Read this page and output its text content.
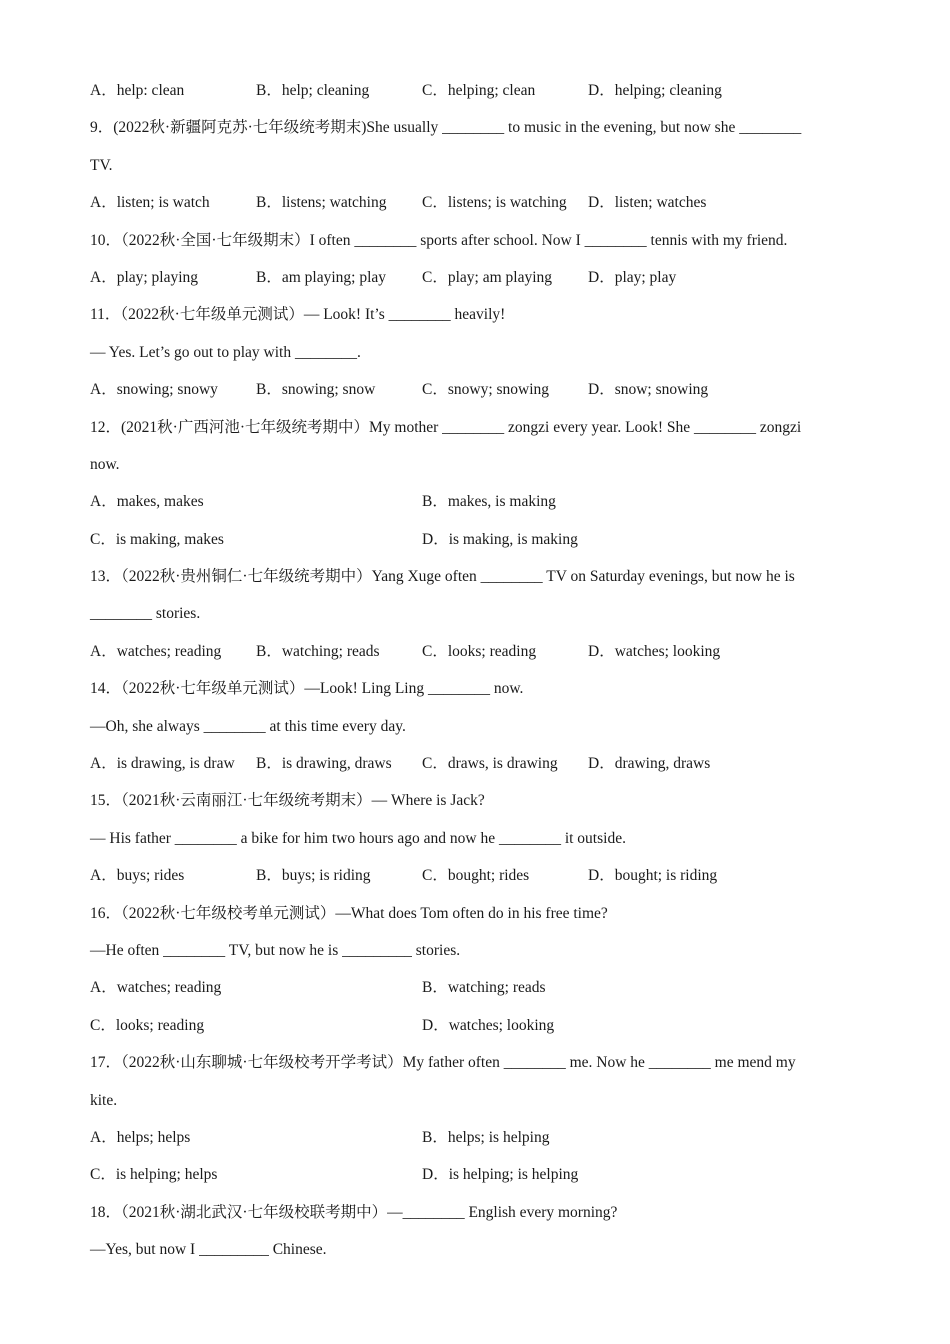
A．help: clean	B．help; cleaning	C．helping; clean	D．helping; cleaning
9．(2022秋·新疆阿克苏·七年级统考期末)She usually ________ to music in the evening, but now she ________
TV.
A．listen; is watch	B．listens; watching	C．listens; is watching	D．listen; watches
10．（2022秋·全国·七年级期末）I often ________ sports after school. Now I ________ tennis with my friend.
A．play; playing	B．am playing; play	C．play; am playing	D．play; play
11．（2022秋·七年级单元测试）— Look! It’s ________ heavily!
— Yes. Let’s go out to play with ________.
A．snowing; snowy	B．snowing; snow	C．snowy; snowing	D．snow; snowing
12．(2021秋·广西河池·七年级统考期中）My mother ________ zongzi every year. Look! She ________ zongzi
now.
A．makes, makes	B．makes, is making
C．is making, makes	D．is making, is making
13．（2022秋·贵州铜仁·七年级统考期中）Yang Xuge often ________ TV on Saturday evenings, but now he is
________ stories.
A．watches; reading	B．watching; reads	C．looks; reading	D．watches; looking
14．（2022秋·七年级单元测试）—Look! Ling Ling ________ now.
—Oh, she always ________ at this time every day.
A．is drawing, is draw	B．is drawing, draws	C．draws, is drawing	D．drawing, draws
15．（2021秋·云南丽江·七年级统考期末）— Where is Jack?
— His father ________ a bike for him two hours ago and now he ________ it outside.
A．buys; rides	B．buys; is riding	C．bought; rides	D．bought; is riding
16．（2022秋·七年级校考单元测试）—What does Tom often do in his free time?
—He often ________ TV, but now he is _________ stories.
A．watches; reading	B．watching; reads
C．looks; reading	D．watches; looking
17．（2022秋·山东聊城·七年级校考开学考试）My father often ________ me. Now he ________ me mend my
kite.
A．helps; helps	B．helps; is helping
C．is helping; helps	D．is helping; is helping
18．（2021秋·湖北武汉·七年级校联考期中）—________ English every morning?
—Yes, but now I _________ Chinese.
